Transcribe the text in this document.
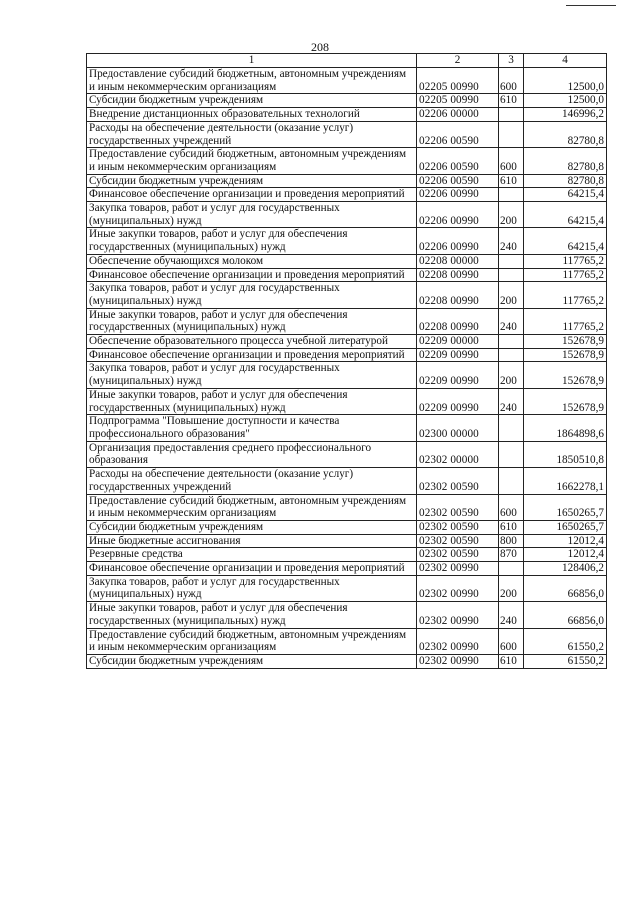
208
1	2	3	4
Предоставление субсидий бюджетным, автономным учреждениям и иным некоммерческим организациям	02205 00990	600	12500,0
Субсидии бюджетным учреждениям	02205 00990	610	12500,0
Внедрение дистанционных образовательных технологий	02206 00000		146996,2
Расходы на обеспечение деятельности (оказание услуг) государственных учреждений	02206 00590		82780,8
Предоставление субсидий бюджетным, автономным учреждениям и иным некоммерческим организациям	02206 00590	600	82780,8
Субсидии бюджетным учреждениям	02206 00590	610	82780,8
Финансовое обеспечение организации и проведения мероприятий	02206 00990		64215,4
Закупка товаров, работ и услуг для государственных (муниципальных) нужд	02206 00990	200	64215,4
Иные закупки товаров, работ и услуг для обеспечения государственных (муниципальных) нужд	02206 00990	240	64215,4
Обеспечение обучающихся молоком	02208 00000		117765,2
Финансовое обеспечение организации и проведения мероприятий	02208 00990		117765,2
Закупка товаров, работ и услуг для государственных (муниципальных) нужд	02208 00990	200	117765,2
Иные закупки товаров, работ и услуг для обеспечения государственных (муниципальных) нужд	02208 00990	240	117765,2
Обеспечение образовательного процесса учебной литературой	02209 00000		152678,9
Финансовое обеспечение организации и проведения мероприятий	02209 00990		152678,9
Закупка товаров, работ и услуг для государственных (муниципальных) нужд	02209 00990	200	152678,9
Иные закупки товаров, работ и услуг для обеспечения государственных (муниципальных) нужд	02209 00990	240	152678,9
Подпрограмма "Повышение доступности и качества профессионального образования"	02300 00000		1864898,6
Организация предоставления среднего профессионального образования	02302 00000		1850510,8
Расходы на обеспечение деятельности (оказание услуг) государственных учреждений	02302 00590		1662278,1
Предоставление субсидий бюджетным, автономным учреждениям и иным некоммерческим организациям	02302 00590	600	1650265,7
Субсидии бюджетным учреждениям	02302 00590	610	1650265,7
Иные бюджетные ассигнования	02302 00590	800	12012,4
Резервные средства	02302 00590	870	12012,4
Финансовое обеспечение организации и проведения мероприятий	02302 00990		128406,2
Закупка товаров, работ и услуг для государственных (муниципальных) нужд	02302 00990	200	66856,0
Иные закупки товаров, работ и услуг для обеспечения государственных (муниципальных) нужд	02302 00990	240	66856,0
Предоставление субсидий бюджетным, автономным учреждениям и иным некоммерческим организациям	02302 00990	600	61550,2
Субсидии бюджетным учреждениям	02302 00990	610	61550,2
